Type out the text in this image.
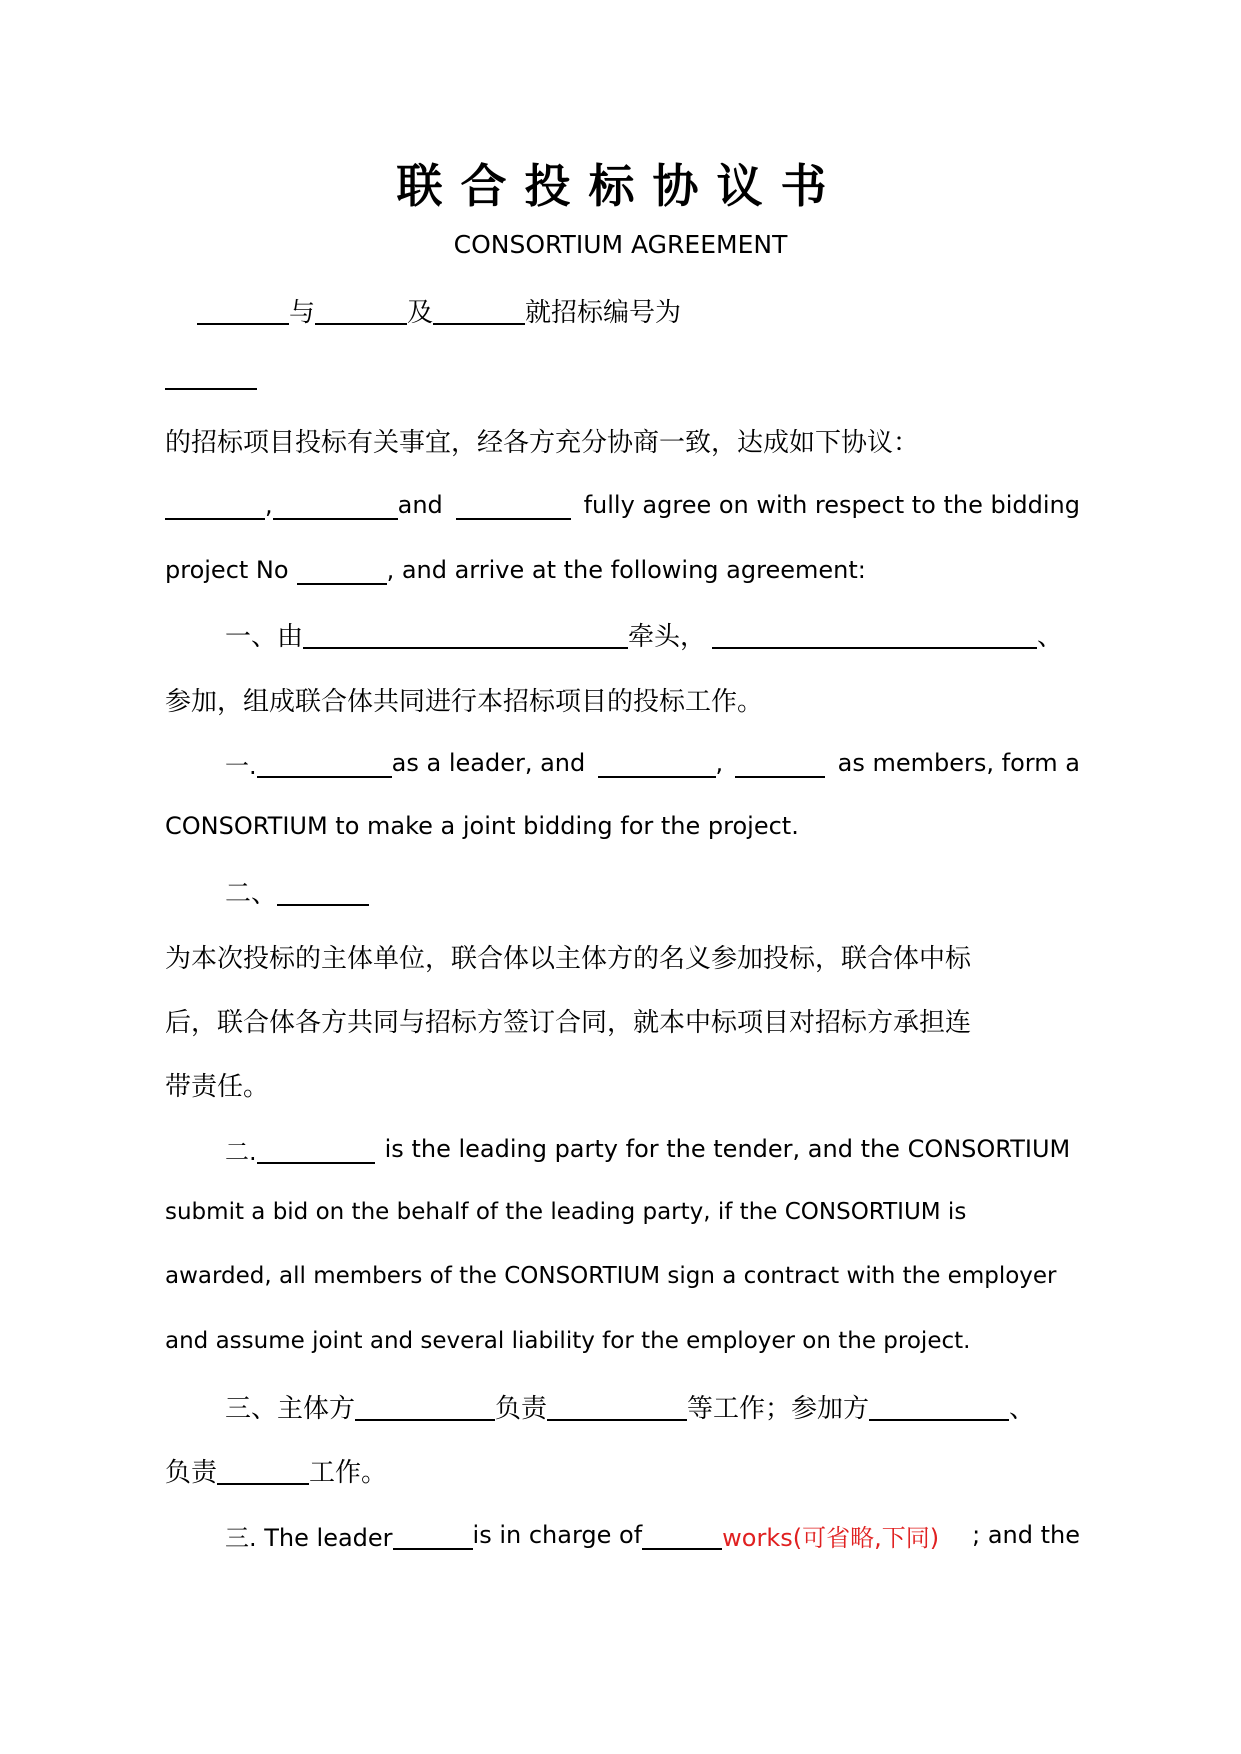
联合投标协议书
CONSORTIUM AGREEMENT
与	及	就招标编号为
的招标项目投标有关事宜，经各方充分协商一致，达成如下协议：
,	and	fully agree on with respect to the bidding
project No	, and arrive at the following agreement:
一、由	牵头，	、
参加，组成联合体共同进行本招标项目的投标工作。
一.	as a leader, and	,	as members, form a
CONSORTIUM to make a joint bidding for the project.
二、
为本次投标的主体单位，联合体以主体方的名义参加投标，联合体中标
后，联合体各方共同与招标方签订合同，就本中标项目对招标方承担连
带责任。
二.	is the leading party for the tender, and the CONSORTIUM
submit a bid on the behalf of the leading party, if the CONSORTIUM is
awarded, all members of the CONSORTIUM sign a contract with the employer
and assume joint and several liability for the employer on the project.
三、主体方	负责	等工作；参加方	、
负责	工作。
三. The leader	is in charge of	works(可省略,下同) ; and the
